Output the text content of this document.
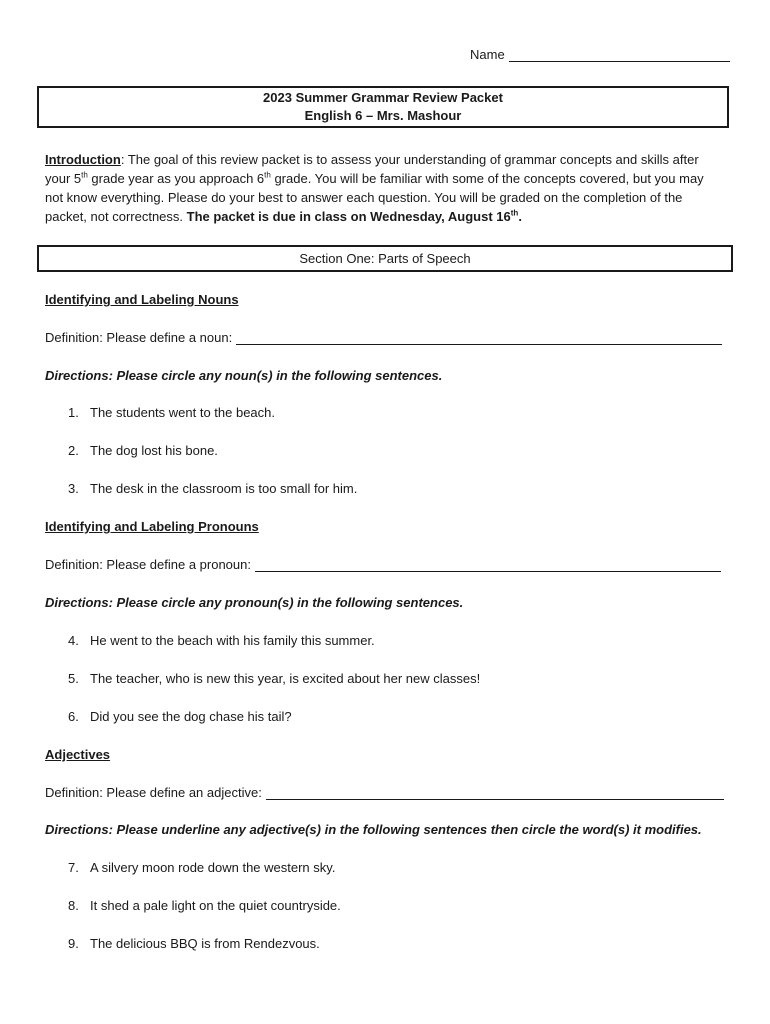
Name
2023 Summer Grammar Review Packet
English 6 – Mrs. Mashour

Introduction: The goal of this review packet is to assess your understanding of grammar concepts and skills after your 5th grade year as you approach 6th grade. You will be familiar with some of the concepts covered, but you may not know everything. Please do your best to answer each question. You will be graded on the completion of the packet, not correctness. The packet is due in class on Wednesday, August 16th.

Section One: Parts of Speech
Identifying and Labeling Nouns
Definition: Please define a noun:
Directions: Please circle any noun(s) in the following sentences.
1. The students went to the beach.
2. The dog lost his bone.
3. The desk in the classroom is too small for him.
Identifying and Labeling Pronouns
Definition: Please define a pronoun:
Directions: Please circle any pronoun(s) in the following sentences.
4. He went to the beach with his family this summer.
5. The teacher, who is new this year, is excited about her new classes!
6. Did you see the dog chase his tail?
Adjectives
Definition: Please define an adjective:
Directions: Please underline any adjective(s) in the following sentences then circle the word(s) it modifies.
7. A silvery moon rode down the western sky.
8. It shed a pale light on the quiet countryside.
9. The delicious BBQ is from Rendezvous.
